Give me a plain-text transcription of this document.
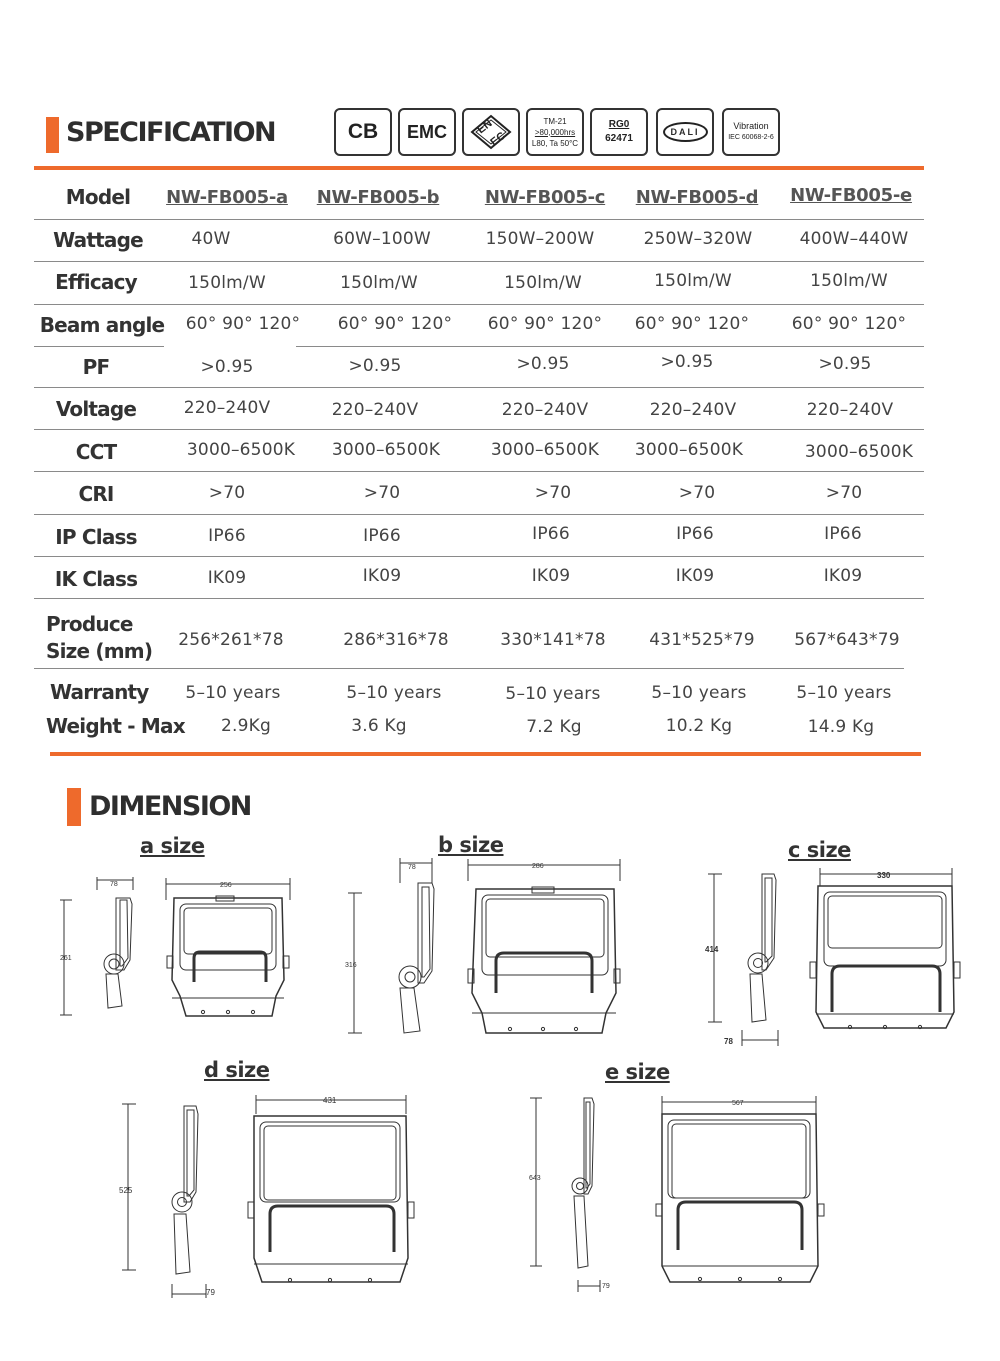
SPECIFICATION	CB EMC	EN
EC
TM-21
>80,000hrs
L80, Ta 50°C
RG0
62471
DALI
Vibration
IEC 60068-2-6
Model	NW-FB005-a	NW-FB005-b	NW-FB005-c	NW-FB005-d	NW-FB005-e
Wattage	40W	60W–100W	150W–200W	250W–320W	400W–440W
Efficacy	150lm/W	150lm/W	150lm/W	150lm/W	150lm/W
Beam angle	60° 90° 120°	60° 90° 120°	60° 90° 120°	60° 90° 120°	60° 90° 120°
PF	>0.95	>0.95	>0.95	>0.95	>0.95
Voltage	220–240V	220–240V	220–240V	220–240V	220–240V
CCT	3000–6500K	3000–6500K	3000–6500K	3000–6500K	3000–6500K
CRI	>70	>70	>70	>70	>70
IP Class	IP66	IP66	IP66	IP66	IP66
IK Class	IK09	IK09	IK09	IK09	IK09
Produce
Size (mm)	256*261*78	286*316*78	330*141*78	431*525*79	567*643*79
Warranty	5–10 years	5–10 years	5–10 years	5–10 years	5–10 years
Weight - Max	2.9Kg	3.6 Kg	7.2 Kg	10.2 Kg	14.9 Kg
DIMENSION
a size	b size	c size
d size	e size
78
261
256
78
316
286
414
78
330
525
79
431
643
79
567
